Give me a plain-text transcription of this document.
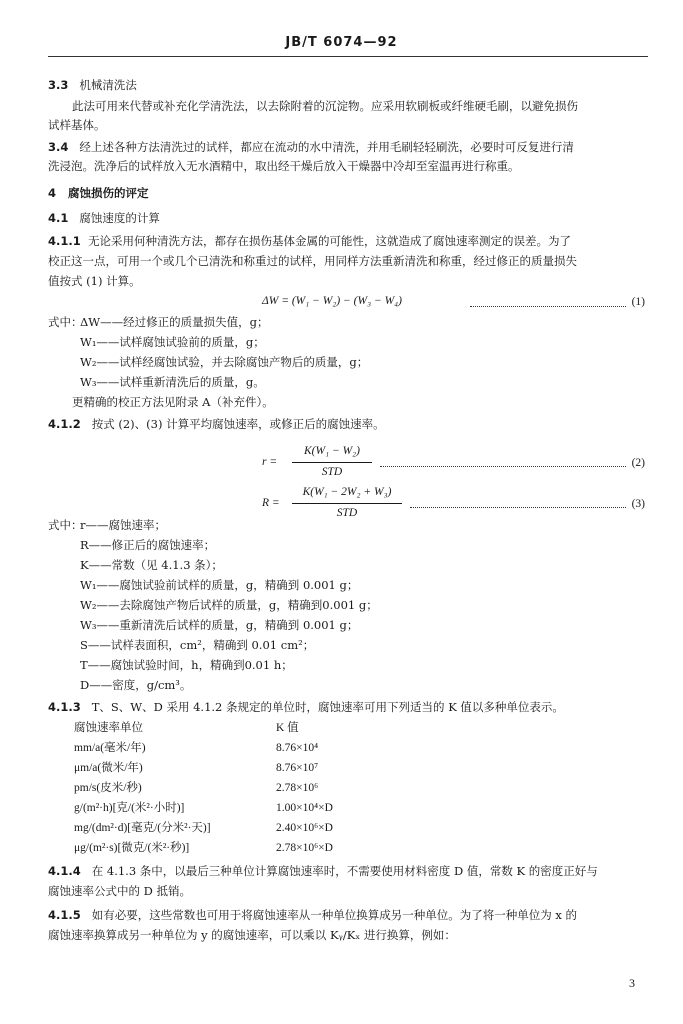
JB/T 6074—92
3.3 机械清洗法
此法可用来代替或补充化学清洗法，以去除附着的沉淀物。应采用软刷板或纤维硬毛刷，以避免损伤
试样基体。
3.4 经上述各种方法清洗过的试样，都应在流动的水中清洗，并用毛刷轻轻刷洗，必要时可反复进行清
洗浸泡。洗净后的试样放入无水酒精中，取出经干燥后放入干燥器中冷却至室温再进行称重。
4 腐蚀损伤的评定
4.1 腐蚀速度的计算
4.1.1 无论采用何种清洗方法，都存在损伤基体金属的可能性，这就造成了腐蚀速率测定的误差。为了
校正这一点，可用一个或几个已清洗和称重过的试样，用同样方法重新清洗和称重，经过修正的质量损失
值按式 (1) 计算。
ΔW = (W₁ − W₂) − (W₃ − W₄)	(1)
式中：
ΔW——经过修正的质量损失值，g；
W₁——试样腐蚀试验前的质量，g；
W₂——试样经腐蚀试验，并去除腐蚀产物后的质量，g；
W₃——试样重新清洗后的质量，g。
更精确的校正方法见附录 A（补充件）。
4.1.2 按式 (2)、(3) 计算平均腐蚀速率，或修正后的腐蚀速率。
r =
K(W₁ − W₂)
STD
(2)
R =
K(W₁ − 2W₂ + W₃)
STD
(3)
式中：
r——腐蚀速率；
R——修正后的腐蚀速率；
K——常数（见 4.1.3 条）；
W₁——腐蚀试验前试样的质量，g，精确到 0.001 g；
W₂——去除腐蚀产物后试样的质量，g，精确到0.001 g；
W₃——重新清洗后试样的质量，g，精确到 0.001 g；
S——试样表面积，cm²，精确到 0.01 cm²；
T——腐蚀试验时间，h，精确到0.01 h；
D——密度，g/cm³。
4.1.3 T、S、W、D 采用 4.1.2 条规定的单位时，腐蚀速率可用下列适当的 K 值以多种单位表示。
腐蚀速率单位	K 值
mm/a(毫米/年)	8.76×10⁴
μm/a(微米/年)	8.76×10⁷
pm/s(皮米/秒)	2.78×10⁶
g/(m²·h)[克/(米²·小时)]	1.00×10⁴×D
mg/(dm²·d)[毫克/(分米²·天)]	2.40×10⁶×D
μg/(m²·s)[微克/(米²·秒)]	2.78×10⁶×D
4.1.4 在 4.1.3 条中，以最后三种单位计算腐蚀速率时，不需要使用材料密度 D 值，常数 K 的密度正好与
腐蚀速率公式中的 D 抵销。
4.1.5 如有必要，这些常数也可用于将腐蚀速率从一种单位换算成另一种单位。为了将一种单位为 x 的
腐蚀速率换算成另一种单位为 y 的腐蚀速率，可以乘以 Kᵧ/Kₓ 进行换算，例如：
3
